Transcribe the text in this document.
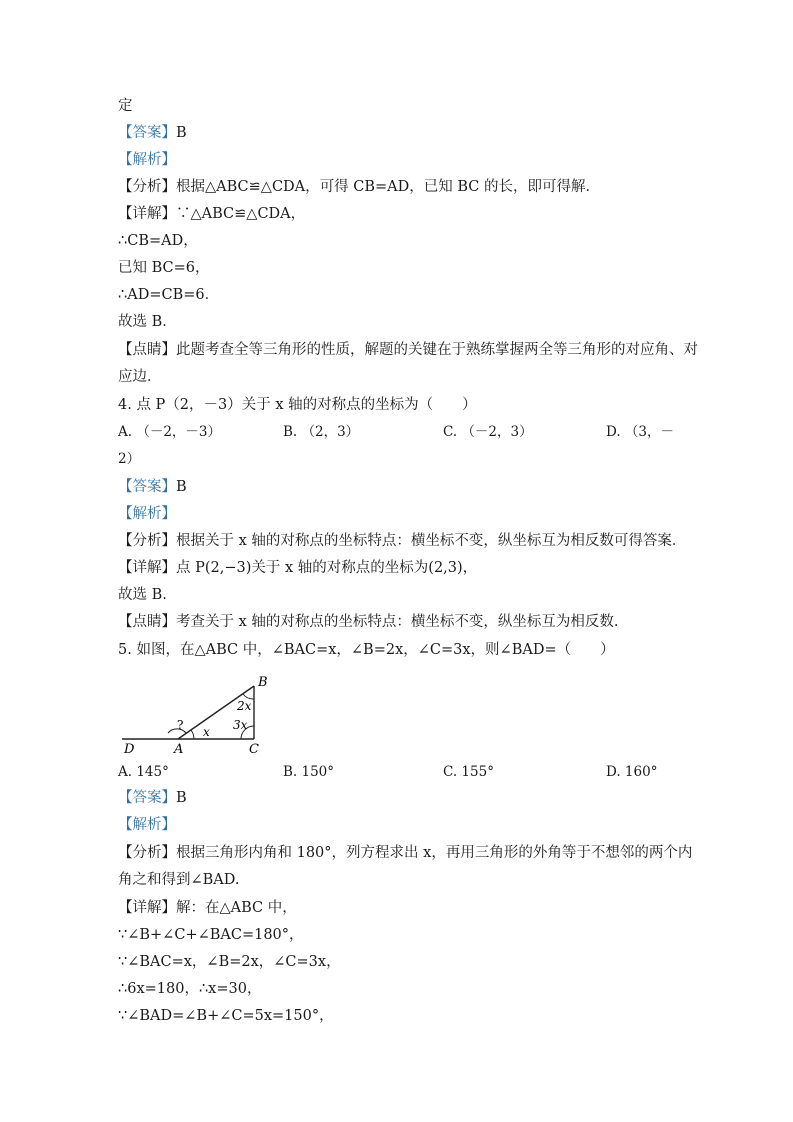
定
【答案】B
【解析】
【分析】根据△ABC≌△CDA，可得 CB=AD，已知 BC 的长，即可得解．
【详解】∵△ABC≌△CDA，
∴CB=AD，
已知 BC=6，
∴AD=CB=6．
故选 B．
【点睛】此题考查全等三角形的性质，解题的关键在于熟练掌握两全等三角形的对应角、对
应边．
4. 点 P（2，－3）关于 x 轴的对称点的坐标为（　　）
A. （－2，－3）	B. （2，3）	C. （－2，3）	D. （3，－
2）
【答案】B
【解析】
【分析】根据关于 x 轴的对称点的坐标特点：横坐标不变，纵坐标互为相反数可得答案．
【详解】点 P(2,−3)关于 x 轴的对称点的坐标为(2,3)，
故选 B.
【点睛】考查关于 x 轴的对称点的坐标特点：横坐标不变，纵坐标互为相反数.
5. 如图，在△ABC 中，∠BAC=x，∠B=2x，∠C=3x，则∠BAD=（　　）
B
A	C
D
? x
2x
3x
A. 145°	B. 150°	C. 155°	D. 160°
【答案】B
【解析】
【分析】根据三角形内角和 180°，列方程求出 x，再用三角形的外角等于不想邻的两个内
角之和得到∠BAD.
【详解】解：在△ABC 中，
∵∠B+∠C+∠BAC=180°，
∵∠BAC=x，∠B=2x，∠C=3x，
∴6x=180，∴x=30，
∵∠BAD=∠B+∠C=5x=150°，
